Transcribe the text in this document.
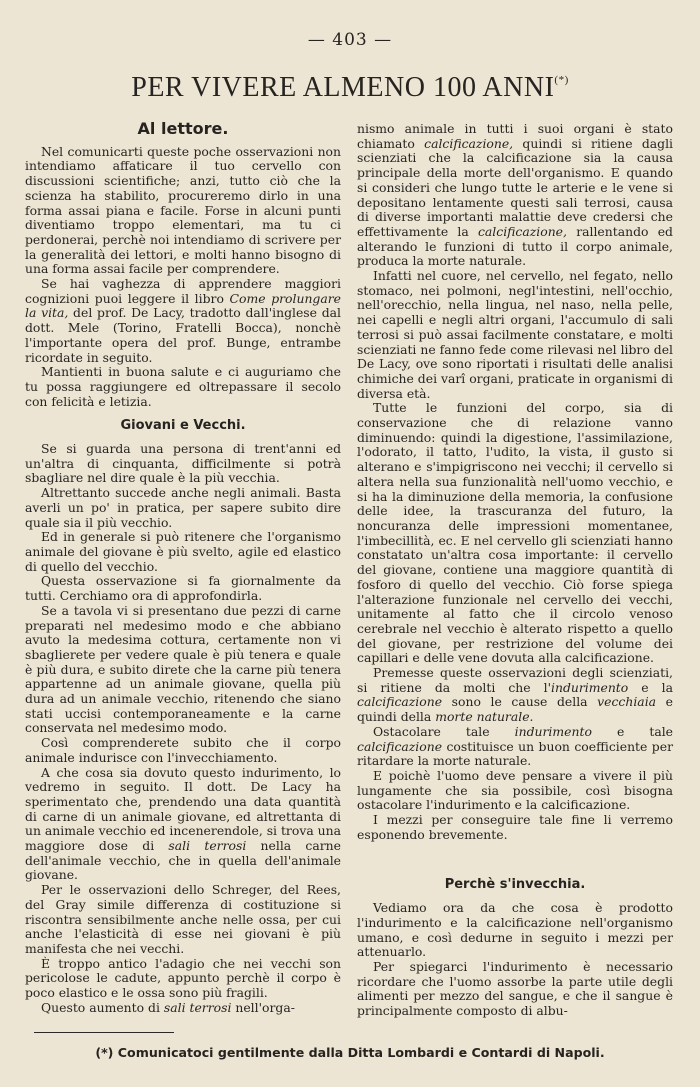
— 403 —
PER VIVERE ALMENO 100 ANNI(*)
Al lettore.

Nel comunicarti queste poche osservazioni non intendiamo affaticare il tuo cervello con discussioni scientifiche; anzi, tutto ciò che la scienza ha stabilito, procureremo dirlo in una forma assai piana e facile. Forse in alcuni punti diventiamo troppo elementari, ma tu ci perdonerai, perchè noi intendiamo di scrivere per la generalità dei lettori, e molti hanno bisogno di una forma assai facile per comprendere.

Se hai vaghezza di apprendere maggiori cognizioni puoi leggere il libro Come prolungare la vita, del prof. De Lacy, tradotto dall'inglese dal dott. Mele (Torino, Fratelli Bocca), nonchè l'importante opera del prof. Bunge, entrambe ricordate in seguito.

Mantienti in buona salute e ci auguriamo che tu possa raggiungere ed oltrepassare il secolo con felicità e letizia.

Giovani e Vecchi.

Se si guarda una persona di trent'anni ed un'altra di cinquanta, difficilmente si potrà sbagliare nel dire quale è la più vecchia.

Altrettanto succede anche negli animali. Basta averli un po' in pratica, per sapere subito dire quale sia il più vecchio.

Ed in generale si può ritenere che l'organismo animale del giovane è più svelto, agile ed elastico di quello del vecchio.

Questa osservazione si fa giornalmente da tutti. Cerchiamo ora di approfondirla.

Se a tavola vi si presentano due pezzi di carne preparati nel medesimo modo e che abbiano avuto la medesima cottura, certamente non vi sbaglierete per vedere quale è più tenera e quale è più dura, e subito direte che la carne più tenera appartenne ad un animale giovane, quella più dura ad un animale vecchio, ritenendo che siano stati uccisi contemporaneamente e la carne conservata nel medesimo modo.

Così comprenderete subito che il corpo animale indurisce con l'invecchiamento.

A che cosa sia dovuto questo indurimento, lo vedremo in seguito. Il dott. De Lacy ha sperimentato che, prendendo una data quantità di carne di un animale giovane, ed altrettanta di un animale vecchio ed incenerendole, si trova una maggiore dose di sali terrosi nella carne dell'animale vecchio, che in quella dell'animale giovane.

Per le osservazioni dello Schreger, del Rees, del Gray simile differenza di costituzione si riscontra sensibilmente anche nelle ossa, per cui anche l'elasticità di esse nei giovani è più manifesta che nei vecchi.

È troppo antico l'adagio che nei vecchi son pericolose le cadute, appunto perchè il corpo è poco elastico e le ossa sono più fragili.

Questo aumento di sali terrosi nell'orga-

nismo animale in tutti i suoi organi è stato chiamato calcificazione, quindi si ritiene dagli scienziati che la calcificazione sia la causa principale della morte dell'organismo. E quando si consideri che lungo tutte le arterie e le vene si depositano lentamente questi sali terrosi, causa di diverse importanti malattie deve credersi che effettivamente la calcificazione, rallentando ed alterando le funzioni di tutto il corpo animale, produca la morte naturale.

Infatti nel cuore, nel cervello, nel fegato, nello stomaco, nei polmoni, negl'intestini, nell'occhio, nell'orecchio, nella lingua, nel naso, nella pelle, nei capelli e negli altri organi, l'accumulo di sali terrosi si può assai facilmente constatare, e molti scienziati ne fanno fede come rilevasi nel libro del De Lacy, ove sono riportati i risultati delle analisi chimiche dei varî organi, praticate in organismi di diversa età.

Tutte le funzioni del corpo, sia di conservazione che di relazione vanno diminuendo: quindi la digestione, l'assimilazione, l'odorato, il tatto, l'udito, la vista, il gusto si alterano e s'impigriscono nei vecchi; il cervello si altera nella sua funzionalità nell'uomo vecchio, e si ha la diminuzione della memoria, la confusione delle idee, la trascuranza del futuro, la noncuranza delle impressioni momentanee, l'imbecillità, ec. E nel cervello gli scienziati hanno constatato un'altra cosa importante: il cervello del giovane, contiene una maggiore quantità di fosforo di quello del vecchio. Ciò forse spiega l'alterazione funzionale nel cervello dei vecchi, unitamente al fatto che il circolo venoso cerebrale nel vecchio è alterato rispetto a quello del giovane, per restrizione del volume dei capillari e delle vene dovuta alla calcificazione.

Premesse queste osservazioni degli scienziati, si ritiene da molti che l'indurimento e la calcificazione sono le cause della vecchiaia e quindi della morte naturale.

Ostacolare tale indurimento e tale calcificazione costituisce un buon coefficiente per ritardare la morte naturale.

E poichè l'uomo deve pensare a vivere il più lungamente che sia possibile, così bisogna ostacolare l'indurimento e la calcificazione.

I mezzi per conseguire tale fine li verremo esponendo brevemente.

Perchè s'invecchia.

Vediamo ora da che cosa è prodotto l'indurimento e la calcificazione nell'organismo umano, e così dedurne in seguito i mezzi per attenuarlo.

Per spiegarci l'indurimento è necessario ricordare che l'uomo assorbe la parte utile degli alimenti per mezzo del sangue, e che il sangue è principalmente composto di albu-

(*) Comunicatoci gentilmente dalla Ditta Lombardi e Contardi di Napoli.
